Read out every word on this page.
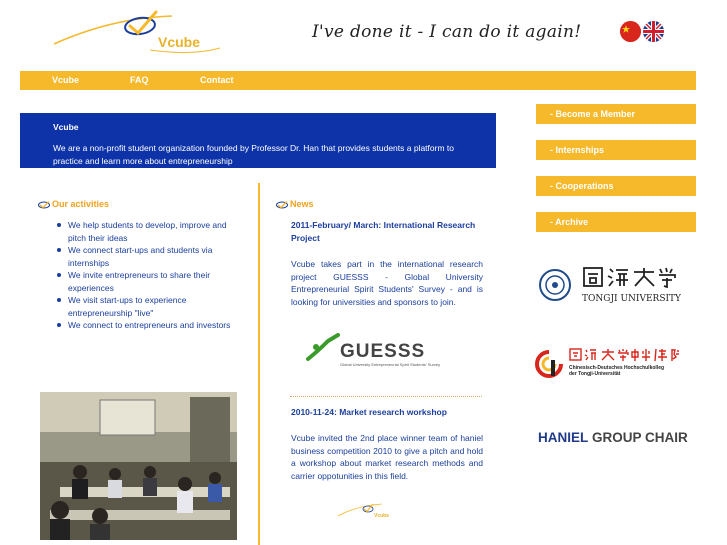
Vcube	I've done it - I can do it again!
Vcube	FAQ	Contact
Vcube
We are a non-profit student organization founded by Professor Dr. Han that provides students a platform to practice and learn more about entrepreneurship
- Become a Member
- Internships
- Cooperations
- Archive
TONGJI UNIVERSITY
Chinesisch-Deutsches Hochschulkolleg
der Tongji-Universität
HANIEL GROUP CHAIR
Our activities
We help students to develop, improve and pitch their ideas
We connect start-ups and students via internships
We invite entrepreneurs to share their experiences
We visit start-ups to experience entrepreneurship "live"
We connect to entrepreneurs and investors
News
2011-February/ March: International Research Project
Vcube takes part in the international research project GUESSS - Global University Entrepreneurial Spirit Students' Survey - and is looking for universities and sponsors to join.
GUESSS
Global University Entrepreneurial Spirit Students' Survey
2010-11-24: Market research workshop
Vcube invited the 2nd place winner team of haniel business competition 2010 to give a pitch and hold a workshop about market research methods and carrier oppotunities in this field.
Vcube
